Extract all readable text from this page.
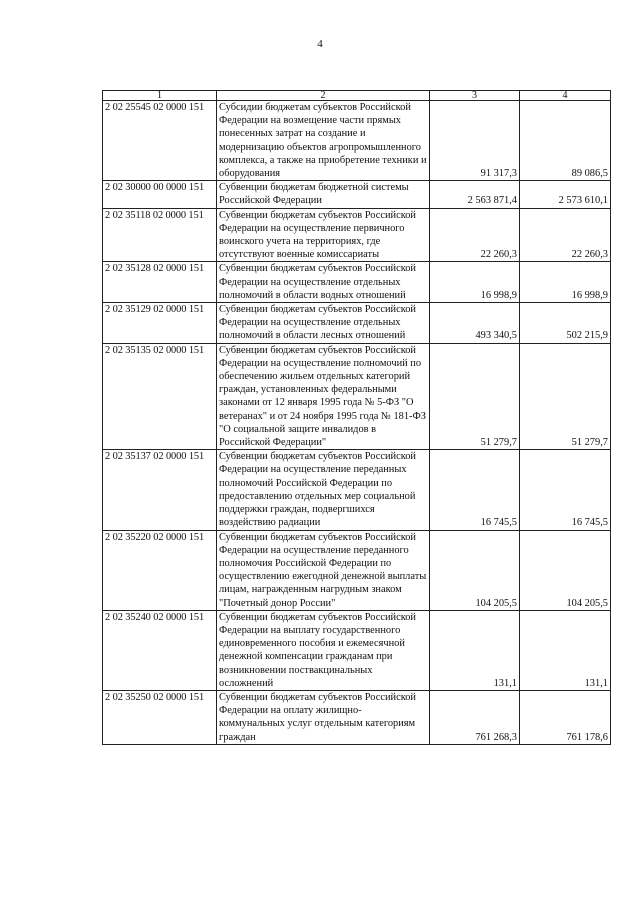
4
1	2	3	4
2 02 25545 02 0000 151	Субсидии бюджетам субъектов Российской Федерации на возмещение части прямых понесенных затрат на создание и модернизацию объектов агропромышленного комплекса, а также на приобретение техники и оборудования	91 317,3	89 086,5
2 02 30000 00 0000 151	Субвенции бюджетам бюджетной системы Российской Федерации	2 563 871,4	2 573 610,1
2 02 35118 02 0000 151	Субвенции бюджетам субъектов Российской Федерации на осуществление первичного воинского учета на территориях, где отсутствуют военные комиссариаты	22 260,3	22 260,3
2 02 35128 02 0000 151	Субвенции бюджетам субъектов Российской Федерации на осуществление отдельных полномочий в области водных отношений	16 998,9	16 998,9
2 02 35129 02 0000 151	Субвенции бюджетам субъектов Российской Федерации на осуществление отдельных полномочий в области лесных отношений	493 340,5	502 215,9
2 02 35135 02 0000 151	Субвенции бюджетам субъектов Российской Федерации на осуществление полномочий по обеспечению жильем отдельных категорий граждан, установленных федеральными законами от 12 января 1995 года № 5-ФЗ "О ветеранах" и от 24 ноября 1995 года № 181-ФЗ "О социальной защите инвалидов в Российской Федерации"	51 279,7	51 279,7
2 02 35137 02 0000 151	Субвенции бюджетам субъектов Российской Федерации на осуществление переданных полномочий Российской Федерации по предоставлению отдельных мер социальной поддержки граждан, подвергшихся воздействию радиации	16 745,5	16 745,5
2 02 35220 02 0000 151	Субвенции бюджетам субъектов Российской Федерации на осуществление переданного полномочия Российской Федерации по осуществлению ежегодной денежной выплаты лицам, награжденным нагрудным знаком "Почетный донор России"	104 205,5	104 205,5
2 02 35240 02 0000 151	Субвенции бюджетам субъектов Российской Федерации на выплату государственного единовременного пособия и ежемесячной денежной компенсации гражданам при возникновении поствакцинальных осложнений	131,1	131,1
2 02 35250 02 0000 151	Субвенции бюджетам субъектов Российской Федерации на оплату жилищно-коммунальных услуг отдельным категориям граждан	761 268,3	761 178,6
